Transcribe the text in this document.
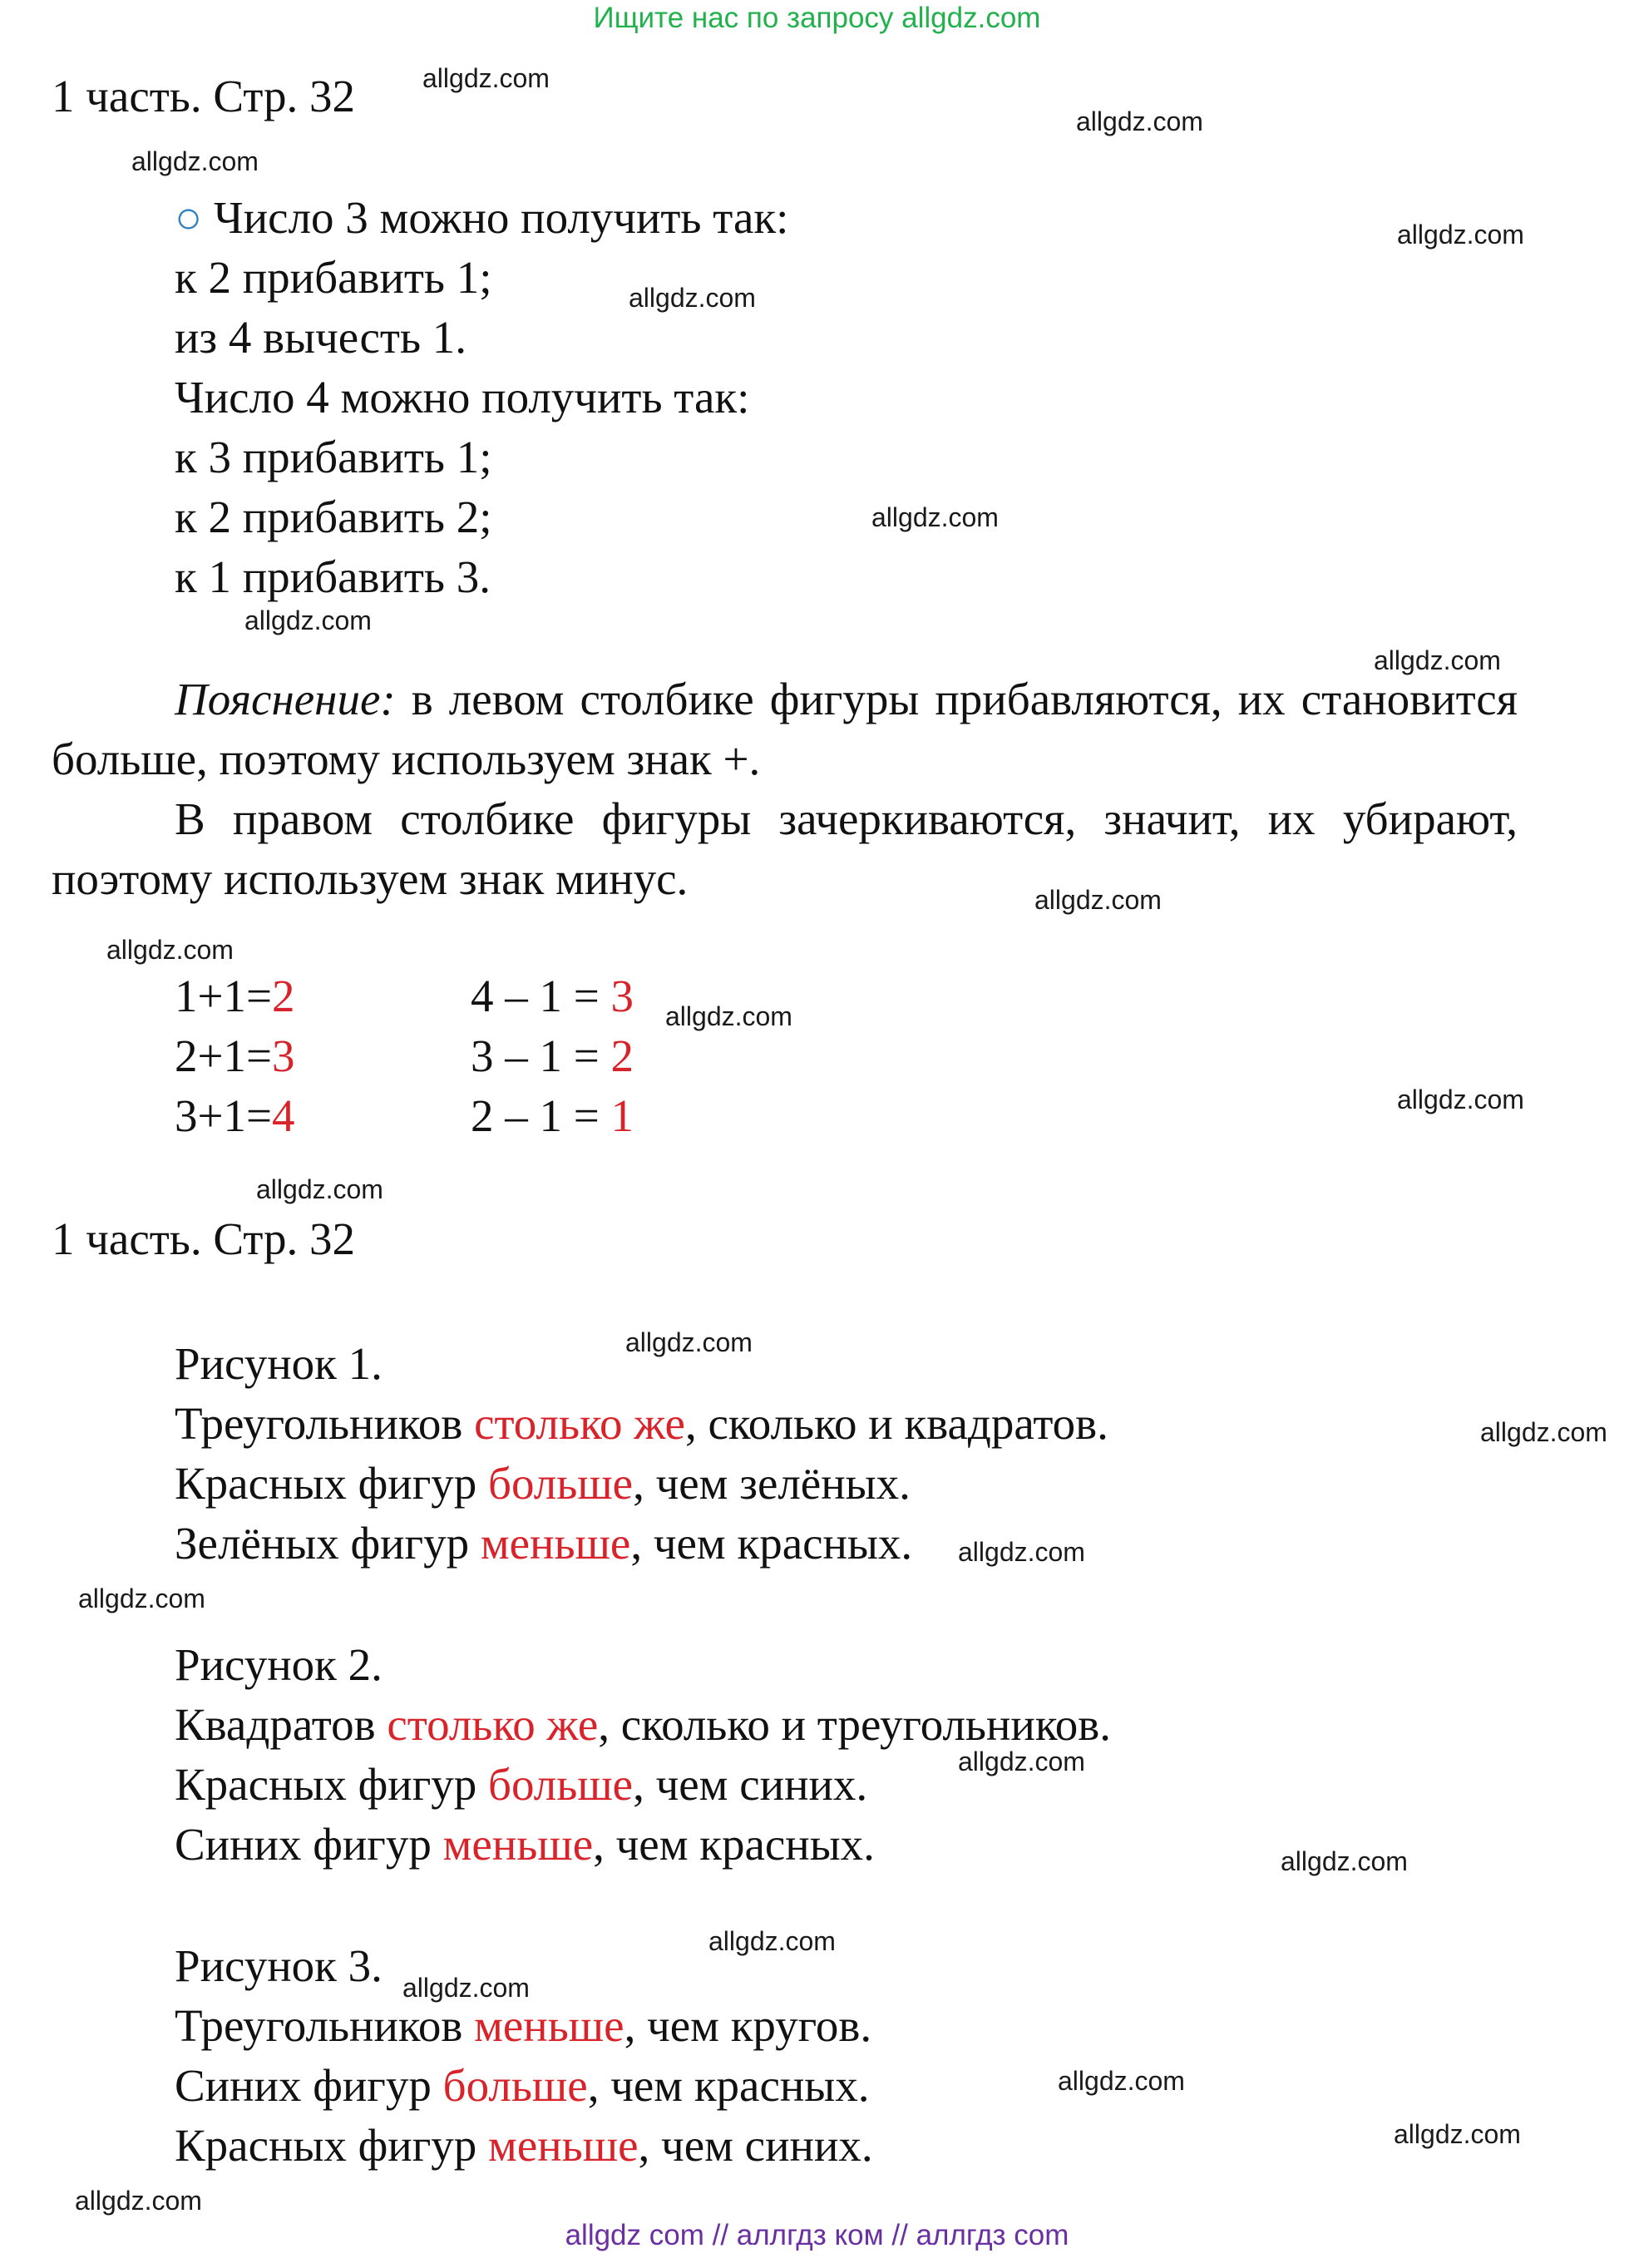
Ищите нас по запросу allgdz.com
1 часть. Стр. 32
○ Число 3 можно получить так:
к 2 прибавить 1;
из 4 вычесть 1.
Число 4 можно получить так:
к 3 прибавить 1;
к 2 прибавить 2;
к 1 прибавить 3.
Пояснение: в левом столбике фигуры прибавляются, их становится больше, поэтому используем знак +.
В правом столбике фигуры зачеркиваются, значит, их убирают, поэтому используем знак минус.
1+1=2
2+1=3
3+1=4
4 – 1 = 3
3 – 1 = 2
2 – 1 = 1
1 часть. Стр. 32
Рисунок 1.
Треугольников столько же, сколько и квадратов.
Красных фигур больше, чем зелёных.
Зелёных фигур меньше, чем красных.
Рисунок 2.
Квадратов столько же, сколько и треугольников.
Красных фигур больше, чем синих.
Синих фигур меньше, чем красных.
Рисунок 3.
Треугольников меньше, чем кругов.
Синих фигур больше, чем красных.
Красных фигур меньше, чем синих.
allgdz.com
allgdz.com
allgdz.com
allgdz.com
allgdz.com
allgdz.com
allgdz.com
allgdz.com
allgdz.com
allgdz.com
allgdz.com
allgdz.com
allgdz.com
allgdz.com
allgdz.com
allgdz.com
allgdz.com
allgdz.com
allgdz.com
allgdz.com
allgdz.com
allgdz.com
allgdz.com
allgdz.com
allgdz com // аллгдз ком // аллгдз com
